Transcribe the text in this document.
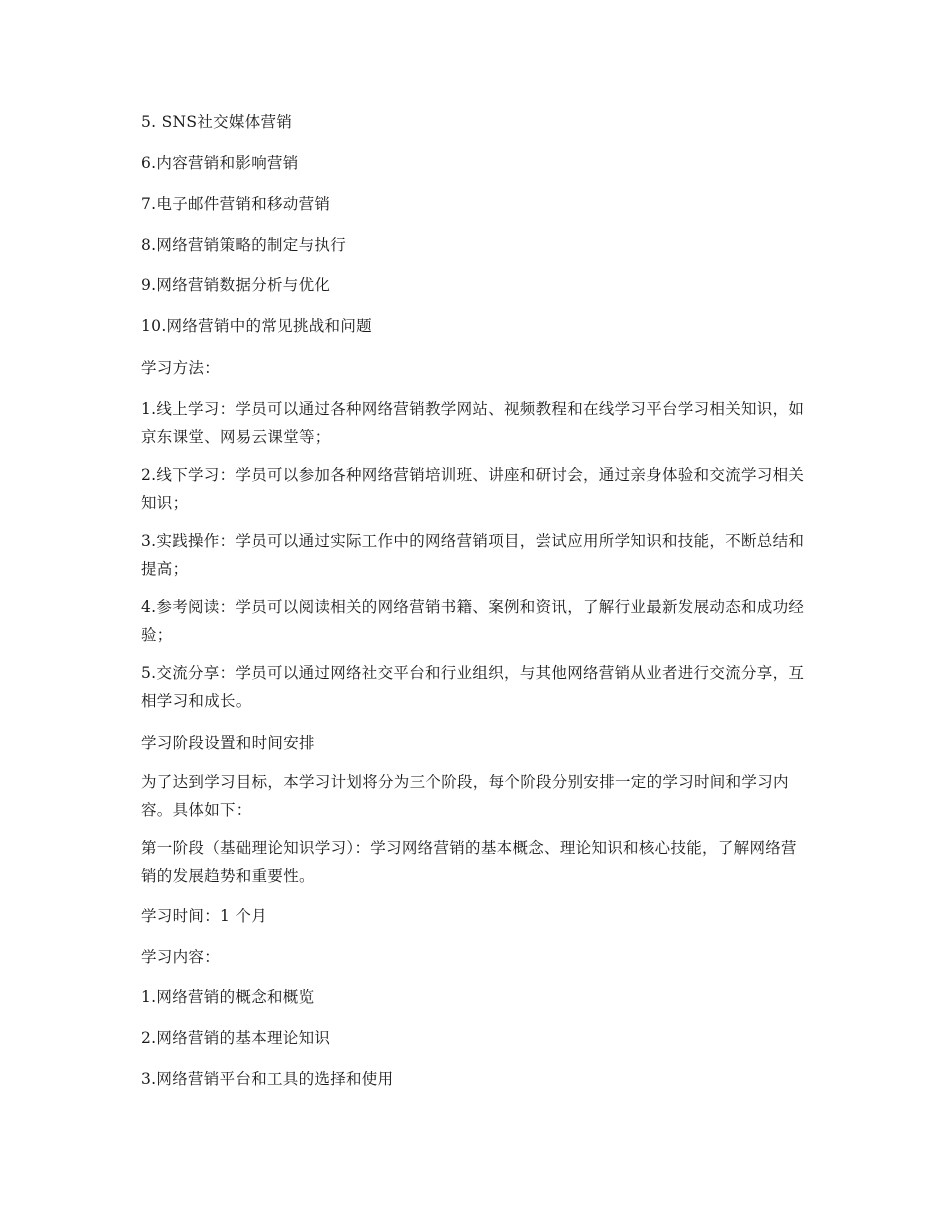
5. SNS社交媒体营销

6.内容营销和影响营销

7.电子邮件营销和移动营销

8.网络营销策略的制定与执行

9.网络营销数据分析与优化

10.网络营销中的常见挑战和问题

学习方法：

1.线上学习：学员可以通过各种网络营销教学网站、视频教程和在线学习平台学习相关知识，如京东课堂、网易云课堂等；

2.线下学习：学员可以参加各种网络营销培训班、讲座和研讨会，通过亲身体验和交流学习相关知识；

3.实践操作：学员可以通过实际工作中的网络营销项目，尝试应用所学知识和技能，不断总结和提高；

4.参考阅读：学员可以阅读相关的网络营销书籍、案例和资讯，了解行业最新发展动态和成功经验；

5.交流分享：学员可以通过网络社交平台和行业组织，与其他网络营销从业者进行交流分享，互相学习和成长。

学习阶段设置和时间安排

为了达到学习目标，本学习计划将分为三个阶段，每个阶段分别安排一定的学习时间和学习内容。具体如下：

第一阶段（基础理论知识学习）：学习网络营销的基本概念、理论知识和核心技能，了解网络营销的发展趋势和重要性。

学习时间：1 个月

学习内容：

1.网络营销的概念和概览

2.网络营销的基本理论知识

3.网络营销平台和工具的选择和使用
